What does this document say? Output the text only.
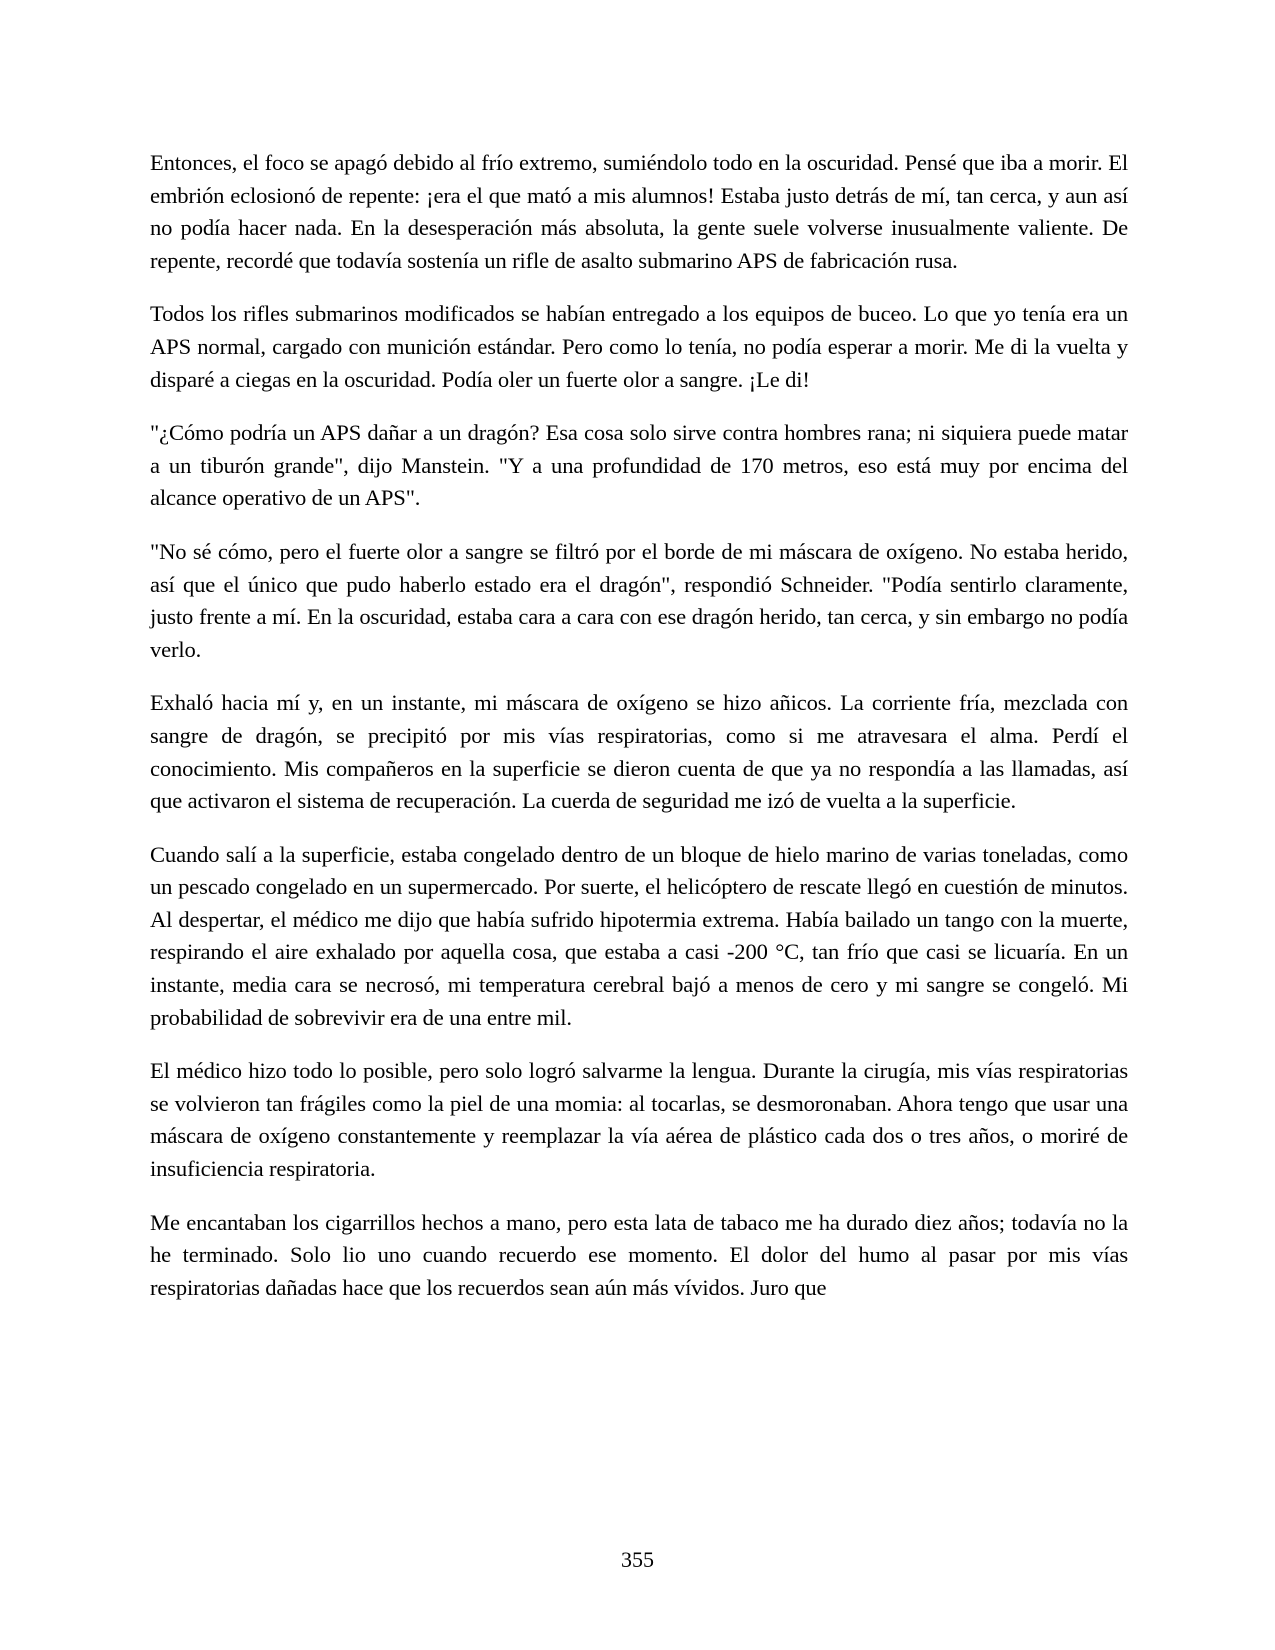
Entonces, el foco se apagó debido al frío extremo, sumiéndolo todo en la oscuridad. Pensé que iba a morir. El embrión eclosionó de repente: ¡era el que mató a mis alumnos! Estaba justo detrás de mí, tan cerca, y aun así no podía hacer nada. En la desesperación más absoluta, la gente suele volverse inusualmente valiente. De repente, recordé que todavía sostenía un rifle de asalto submarino APS de fabricación rusa.

Todos los rifles submarinos modificados se habían entregado a los equipos de buceo. Lo que yo tenía era un APS normal, cargado con munición estándar. Pero como lo tenía, no podía esperar a morir. Me di la vuelta y disparé a ciegas en la oscuridad. Podía oler un fuerte olor a sangre. ¡Le di!

"¿Cómo podría un APS dañar a un dragón? Esa cosa solo sirve contra hombres rana; ni siquiera puede matar a un tiburón grande", dijo Manstein. "Y a una profundidad de 170 metros, eso está muy por encima del alcance operativo de un APS".

"No sé cómo, pero el fuerte olor a sangre se filtró por el borde de mi máscara de oxígeno. No estaba herido, así que el único que pudo haberlo estado era el dragón", respondió Schneider. "Podía sentirlo claramente, justo frente a mí. En la oscuridad, estaba cara a cara con ese dragón herido, tan cerca, y sin embargo no podía verlo.

Exhaló hacia mí y, en un instante, mi máscara de oxígeno se hizo añicos. La corriente fría, mezclada con sangre de dragón, se precipitó por mis vías respiratorias, como si me atravesara el alma. Perdí el conocimiento. Mis compañeros en la superficie se dieron cuenta de que ya no respondía a las llamadas, así que activaron el sistema de recuperación. La cuerda de seguridad me izó de vuelta a la superficie.

Cuando salí a la superficie, estaba congelado dentro de un bloque de hielo marino de varias toneladas, como un pescado congelado en un supermercado. Por suerte, el helicóptero de rescate llegó en cuestión de minutos. Al despertar, el médico me dijo que había sufrido hipotermia extrema. Había bailado un tango con la muerte, respirando el aire exhalado por aquella cosa, que estaba a casi -200 °C, tan frío que casi se licuaría. En un instante, media cara se necrosó, mi temperatura cerebral bajó a menos de cero y mi sangre se congeló. Mi probabilidad de sobrevivir era de una entre mil.

El médico hizo todo lo posible, pero solo logró salvarme la lengua. Durante la cirugía, mis vías respiratorias se volvieron tan frágiles como la piel de una momia: al tocarlas, se desmoronaban. Ahora tengo que usar una máscara de oxígeno constantemente y reemplazar la vía aérea de plástico cada dos o tres años, o moriré de insuficiencia respiratoria.

Me encantaban los cigarrillos hechos a mano, pero esta lata de tabaco me ha durado diez años; todavía no la he terminado. Solo lio uno cuando recuerdo ese momento. El dolor del humo al pasar por mis vías respiratorias dañadas hace que los recuerdos sean aún más vívidos. Juro que

355
